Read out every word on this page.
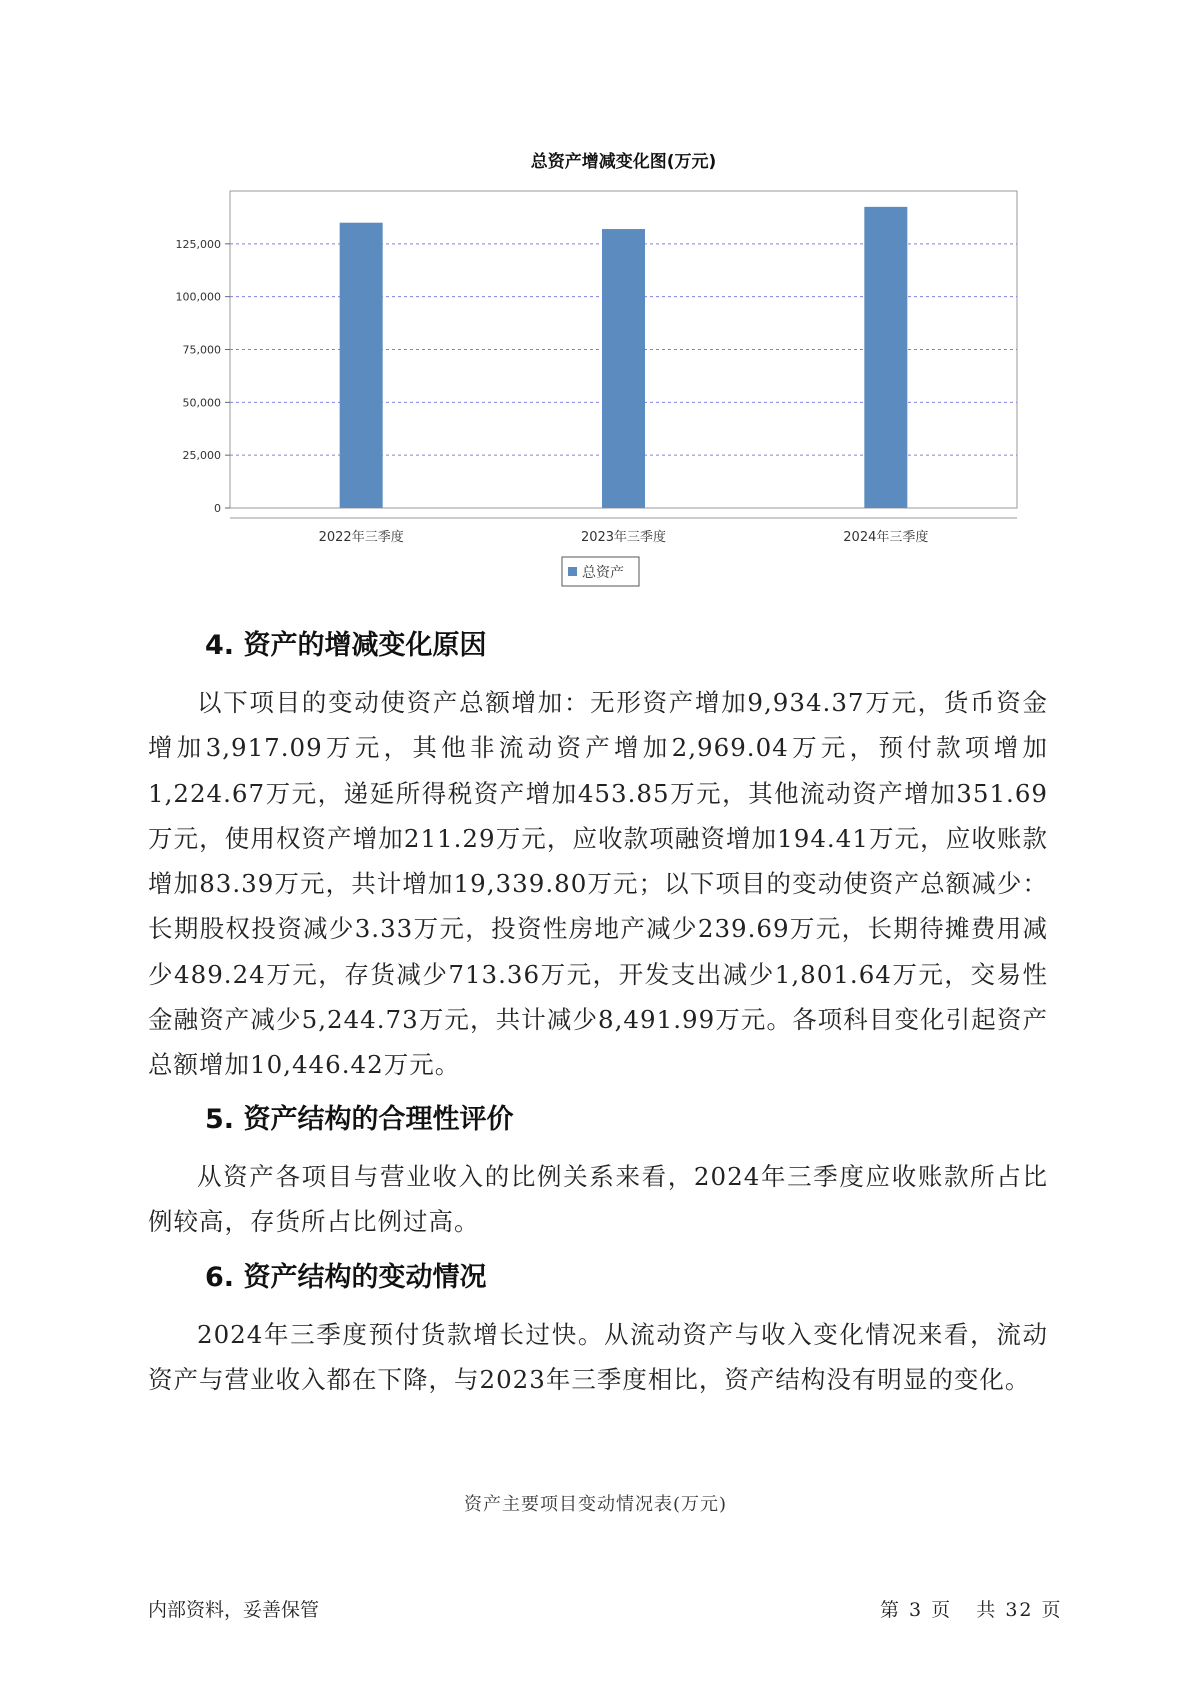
总资产增减变化图(万元)
0
25,000
50,000
75,000
100,000
125,000
2022年三季度	2023年三季度	2024年三季度
总资产
4. 资产的增减变化原因

以下项目的变动使资产总额增加：无形资产增加9,934.37万元，货币资金增加3,917.09万元，其他非流动资产增加2,969.04万元，预付款项增加1,224.67万元，递延所得税资产增加453.85万元，其他流动资产增加351.69万元，使用权资产增加211.29万元，应收款项融资增加194.41万元，应收账款增加83.39万元，共计增加19,339.80万元；以下项目的变动使资产总额减少：长期股权投资减少3.33万元，投资性房地产减少239.69万元，长期待摊费用减少489.24万元，存货减少713.36万元，开发支出减少1,801.64万元，交易性金融资产减少5,244.73万元，共计减少8,491.99万元。各项科目变化引起资产总额增加10,446.42万元。

5. 资产结构的合理性评价

从资产各项目与营业收入的比例关系来看，2024年三季度应收账款所占比例较高，存货所占比例过高。

6. 资产结构的变动情况

2024年三季度预付货款增长过快。从流动资产与收入变化情况来看，流动资产与营业收入都在下降，与2023年三季度相比，资产结构没有明显的变化。

资产主要项目变动情况表(万元)
内部资料，妥善保管	第 3 页   共 32 页
